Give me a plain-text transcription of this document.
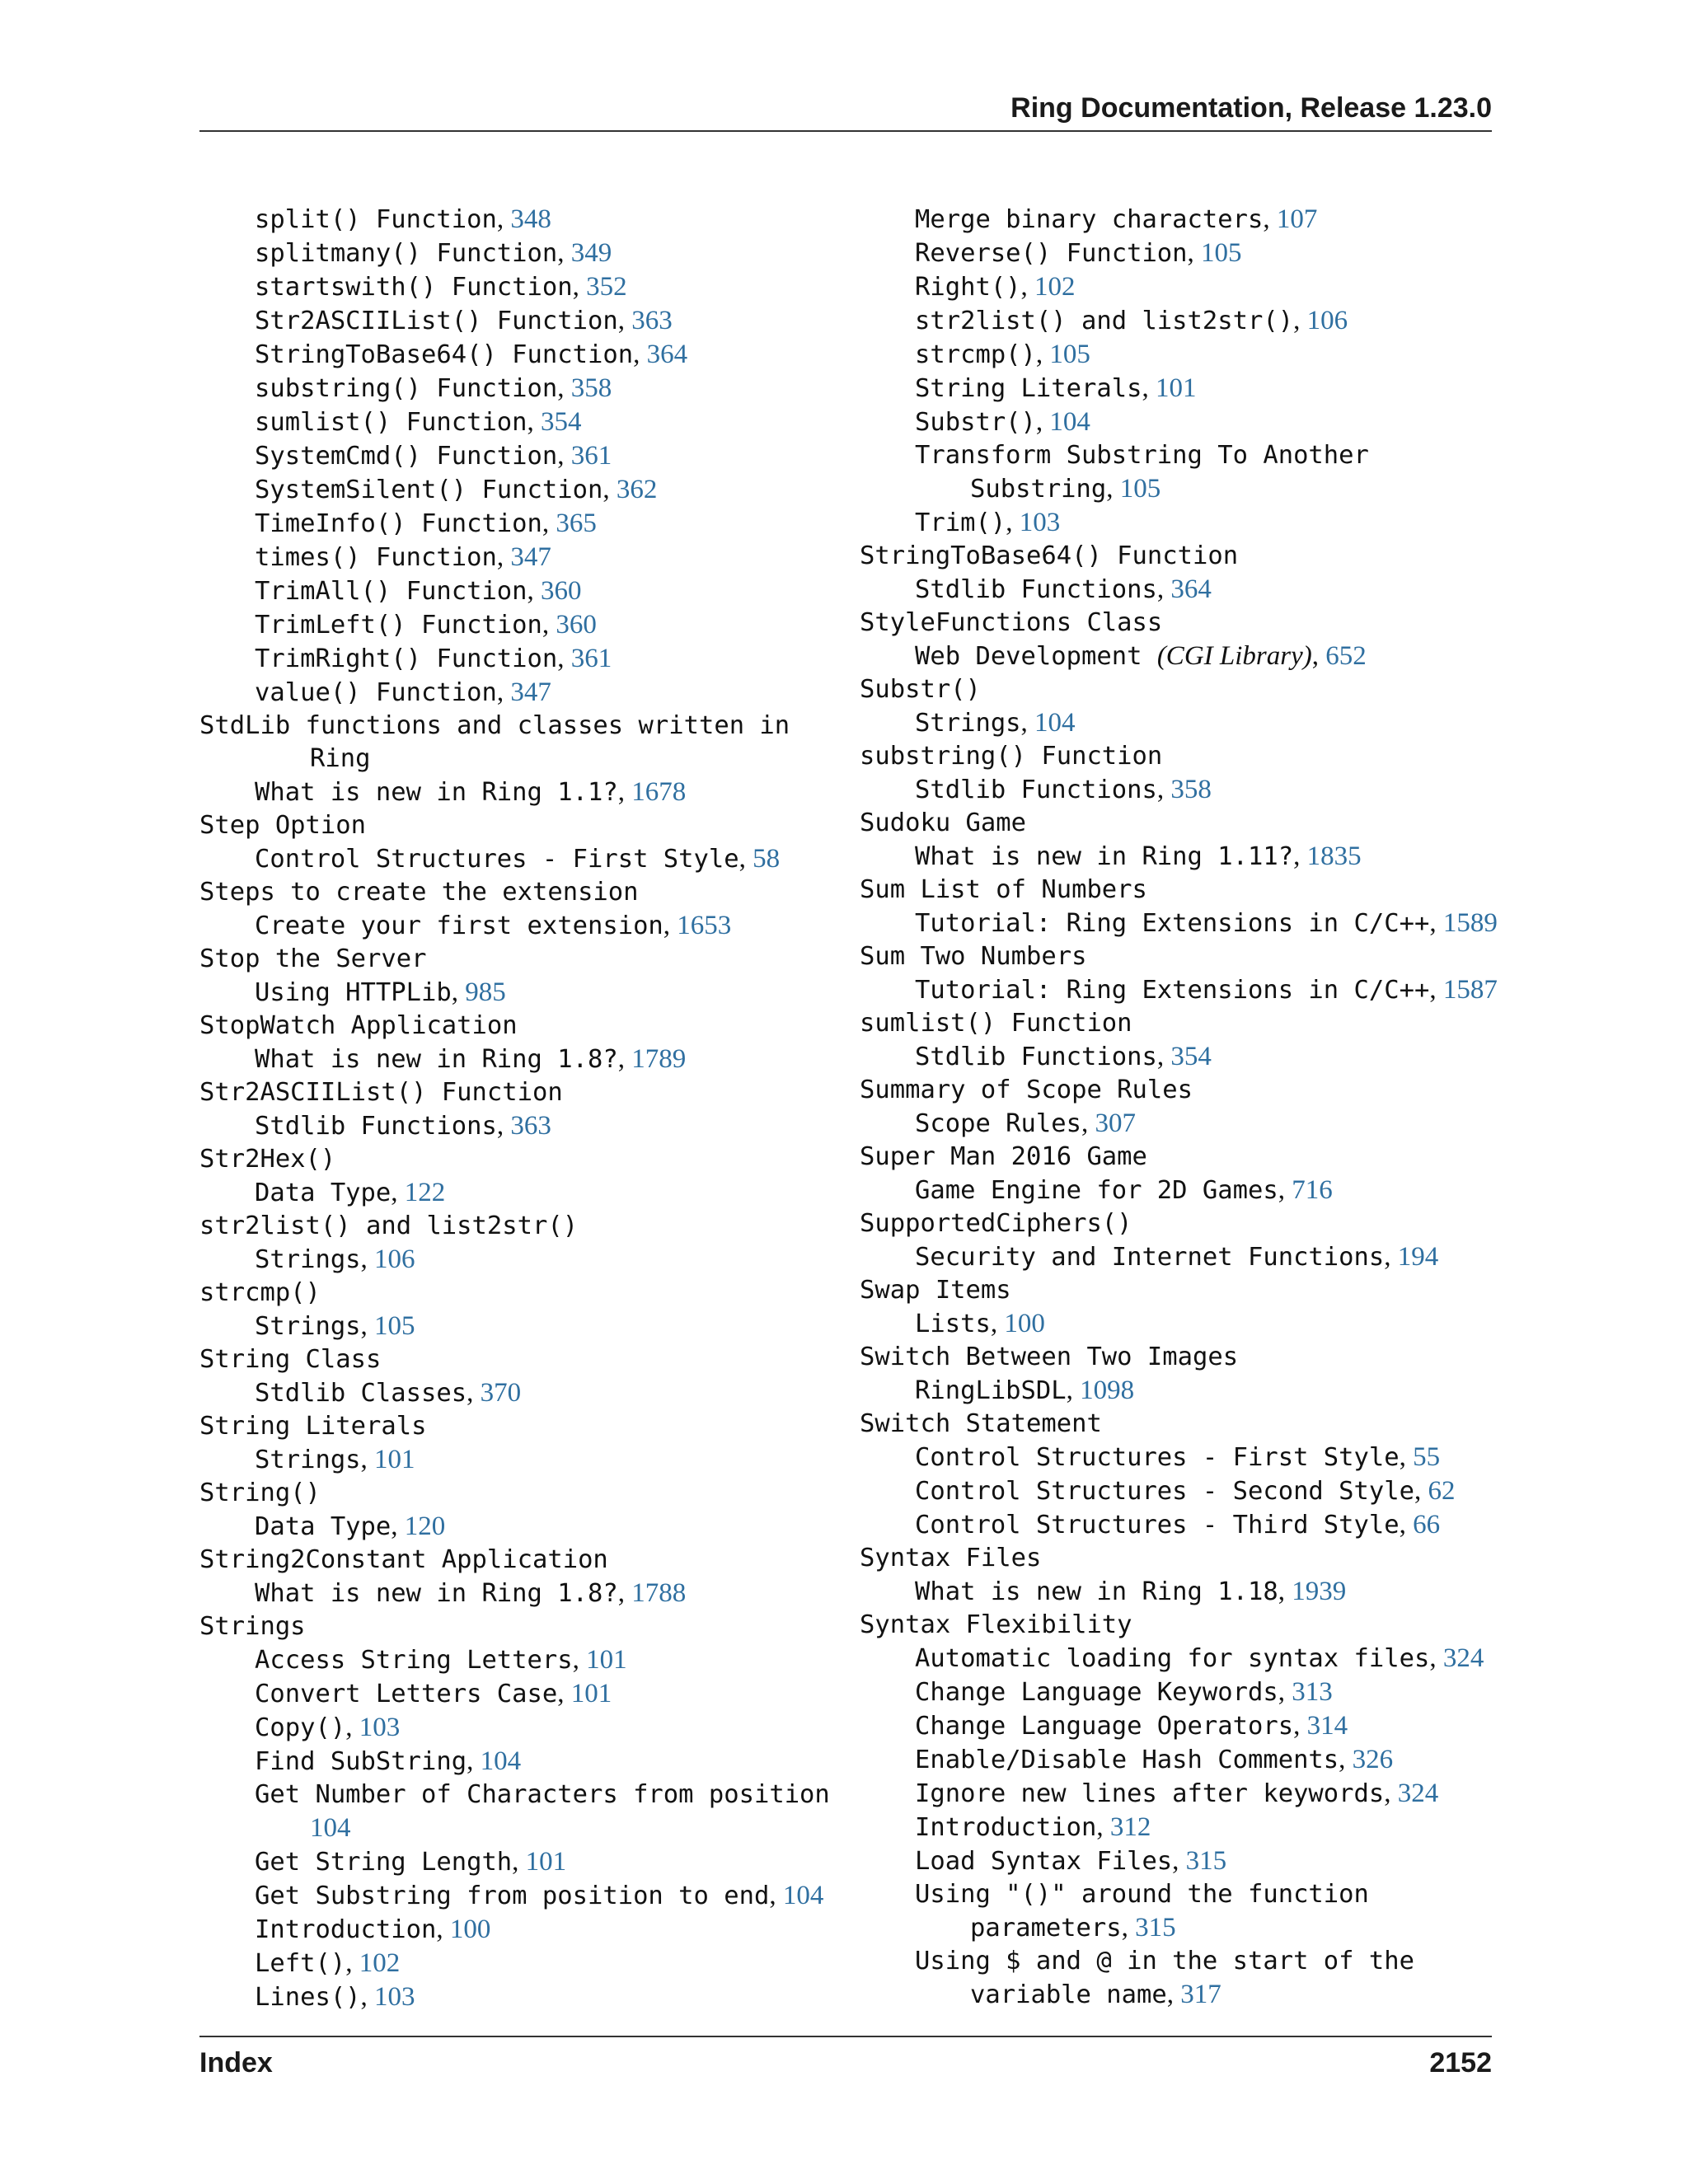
Ring Documentation, Release 1.23.0
split() Function, 348
splitmany() Function, 349
startswith() Function, 352
Str2ASCIIList() Function, 363
StringToBase64() Function, 364
substring() Function, 358
sumlist() Function, 354
SystemCmd() Function, 361
SystemSilent() Function, 362
TimeInfo() Function, 365
times() Function, 347
TrimAll() Function, 360
TrimLeft() Function, 360
TrimRight() Function, 361
value() Function, 347
StdLib functions and classes written in
Ring
What is new in Ring 1.1?, 1678
Step Option
Control Structures - First Style, 58
Steps to create the extension
Create your first extension, 1653
Stop the Server
Using HTTPLib, 985
StopWatch Application
What is new in Ring 1.8?, 1789
Str2ASCIIList() Function
Stdlib Functions, 363
Str2Hex()
Data Type, 122
str2list() and list2str()
Strings, 106
strcmp()
Strings, 105
String Class
Stdlib Classes, 370
String Literals
Strings, 101
String()
Data Type, 120
String2Constant Application
What is new in Ring 1.8?, 1788
Strings
Access String Letters, 101
Convert Letters Case, 101
Copy(), 103
Find SubString, 104
Get Number of Characters from position
104
Get String Length, 101
Get Substring from position to end, 104
Introduction, 100
Left(), 102
Lines(), 103
Merge binary characters, 107
Reverse() Function, 105
Right(), 102
str2list() and list2str(), 106
strcmp(), 105
String Literals, 101
Substr(), 104
Transform Substring To Another
Substring, 105
Trim(), 103
StringToBase64() Function
Stdlib Functions, 364
StyleFunctions Class
Web Development (CGI Library), 652
Substr()
Strings, 104
substring() Function
Stdlib Functions, 358
Sudoku Game
What is new in Ring 1.11?, 1835
Sum List of Numbers
Tutorial: Ring Extensions in C/C++, 1589
Sum Two Numbers
Tutorial: Ring Extensions in C/C++, 1587
sumlist() Function
Stdlib Functions, 354
Summary of Scope Rules
Scope Rules, 307
Super Man 2016 Game
Game Engine for 2D Games, 716
SupportedCiphers()
Security and Internet Functions, 194
Swap Items
Lists, 100
Switch Between Two Images
RingLibSDL, 1098
Switch Statement
Control Structures - First Style, 55
Control Structures - Second Style, 62
Control Structures - Third Style, 66
Syntax Files
What is new in Ring 1.18, 1939
Syntax Flexibility
Automatic loading for syntax files, 324
Change Language Keywords, 313
Change Language Operators, 314
Enable/Disable Hash Comments, 326
Ignore new lines after keywords, 324
Introduction, 312
Load Syntax Files, 315
Using "()" around the function
parameters, 315
Using $ and @ in the start of the
variable name, 317
Index	2152
